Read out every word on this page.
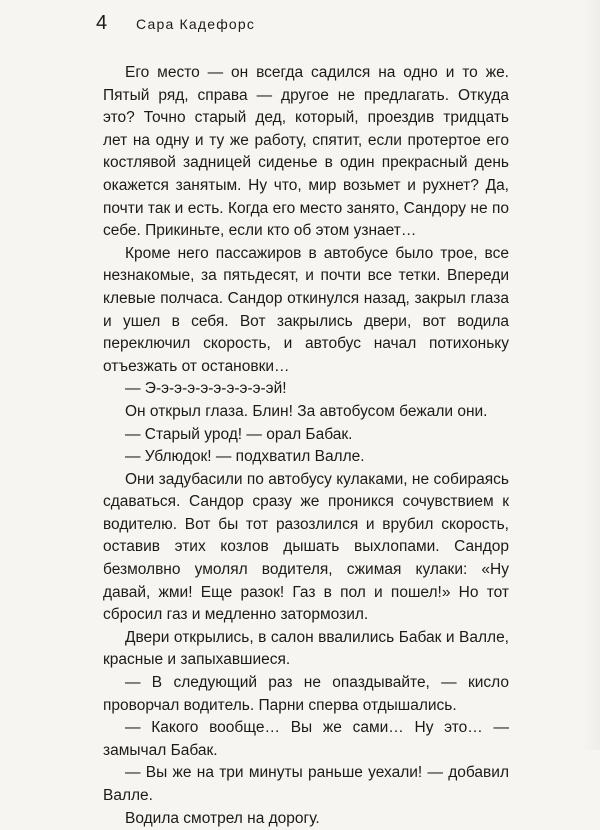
4	Сара Кадефорс

Его место — он всегда садился на одно и то же. Пятый ряд, справа — другое не предлагать. Откуда это? Точно старый дед, который, проездив тридцать лет на одну и ту же работу, спятит, если протертое его костлявой задницей сиденье в один прекрасный день окажется занятым. Ну что, мир возьмет и рухнет? Да, почти так и есть. Когда его место занято, Сандору не по себе. Прикиньте, если кто об этом узнает…

Кроме него пассажиров в автобусе было трое, все незнакомые, за пятьдесят, и почти все тетки. Впереди клевые полчаса. Сандор откинулся назад, закрыл глаза и ушел в себя. Вот закрылись двери, вот водила переключил скорость, и автобус начал потихоньку отъезжать от остановки…

— Э-э-э-э-э-э-э-э-э-эй!

Он открыл глаза. Блин! За автобусом бежали они.

— Старый урод! — орал Бабак.

— Ублюдок! — подхватил Валле.

Они задубасили по автобусу кулаками, не собираясь сдаваться. Сандор сразу же проникся сочувствием к водителю. Вот бы тот разозлился и врубил скорость, оставив этих козлов дышать выхлопами. Сандор безмолвно умолял водителя, сжимая кулаки: «Ну давай, жми! Еще разок! Газ в пол и пошел!» Но тот сбросил газ и медленно затормозил.

Двери открылись, в салон ввалились Бабак и Валле, красные и запыхавшиеся.

— В следующий раз не опаздывайте, — кисло проворчал водитель. Парни сперва отдышались.

— Какого вообще… Вы же сами… Ну это… — замычал Бабак.

— Вы же на три минуты раньше уехали! — добавил Валле.

Водила смотрел на дорогу.
